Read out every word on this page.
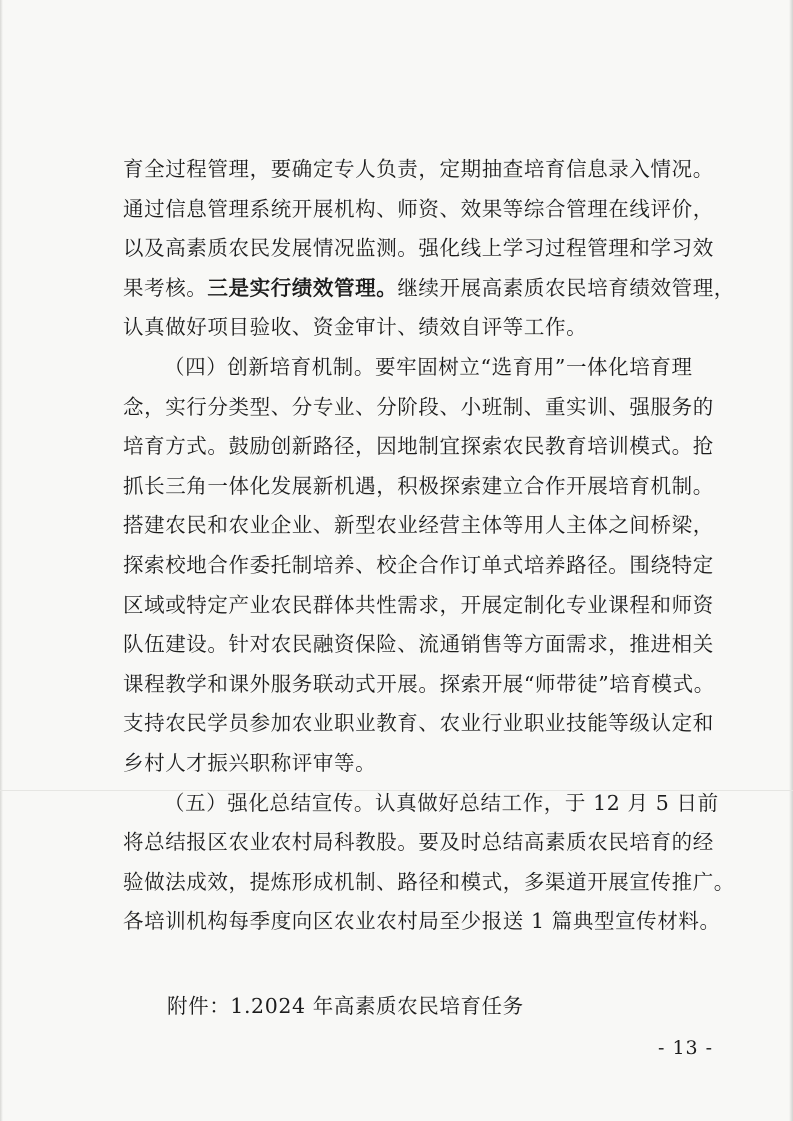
育全过程管理，要确定专人负责，定期抽查培育信息录入情况。
通过信息管理系统开展机构、师资、效果等综合管理在线评价，
以及高素质农民发展情况监测。强化线上学习过程管理和学习效
果考核。三是实行绩效管理。继续开展高素质农民培育绩效管理，
认真做好项目验收、资金审计、绩效自评等工作。
（四）创新培育机制。要牢固树立“选育用”一体化培育理
念，实行分类型、分专业、分阶段、小班制、重实训、强服务的
培育方式。鼓励创新路径，因地制宜探索农民教育培训模式。抢
抓长三角一体化发展新机遇，积极探索建立合作开展培育机制。
搭建农民和农业企业、新型农业经营主体等用人主体之间桥梁，
探索校地合作委托制培养、校企合作订单式培养路径。围绕特定
区域或特定产业农民群体共性需求，开展定制化专业课程和师资
队伍建设。针对农民融资保险、流通销售等方面需求，推进相关
课程教学和课外服务联动式开展。探索开展“师带徒”培育模式。
支持农民学员参加农业职业教育、农业行业职业技能等级认定和
乡村人才振兴职称评审等。
（五）强化总结宣传。认真做好总结工作，于 12 月 5 日前
将总结报区农业农村局科教股。要及时总结高素质农民培育的经
验做法成效，提炼形成机制、路径和模式，多渠道开展宣传推广。
各培训机构每季度向区农业农村局至少报送 1 篇典型宣传材料。
附件：1.2024 年高素质农民培育任务
- 13 -
